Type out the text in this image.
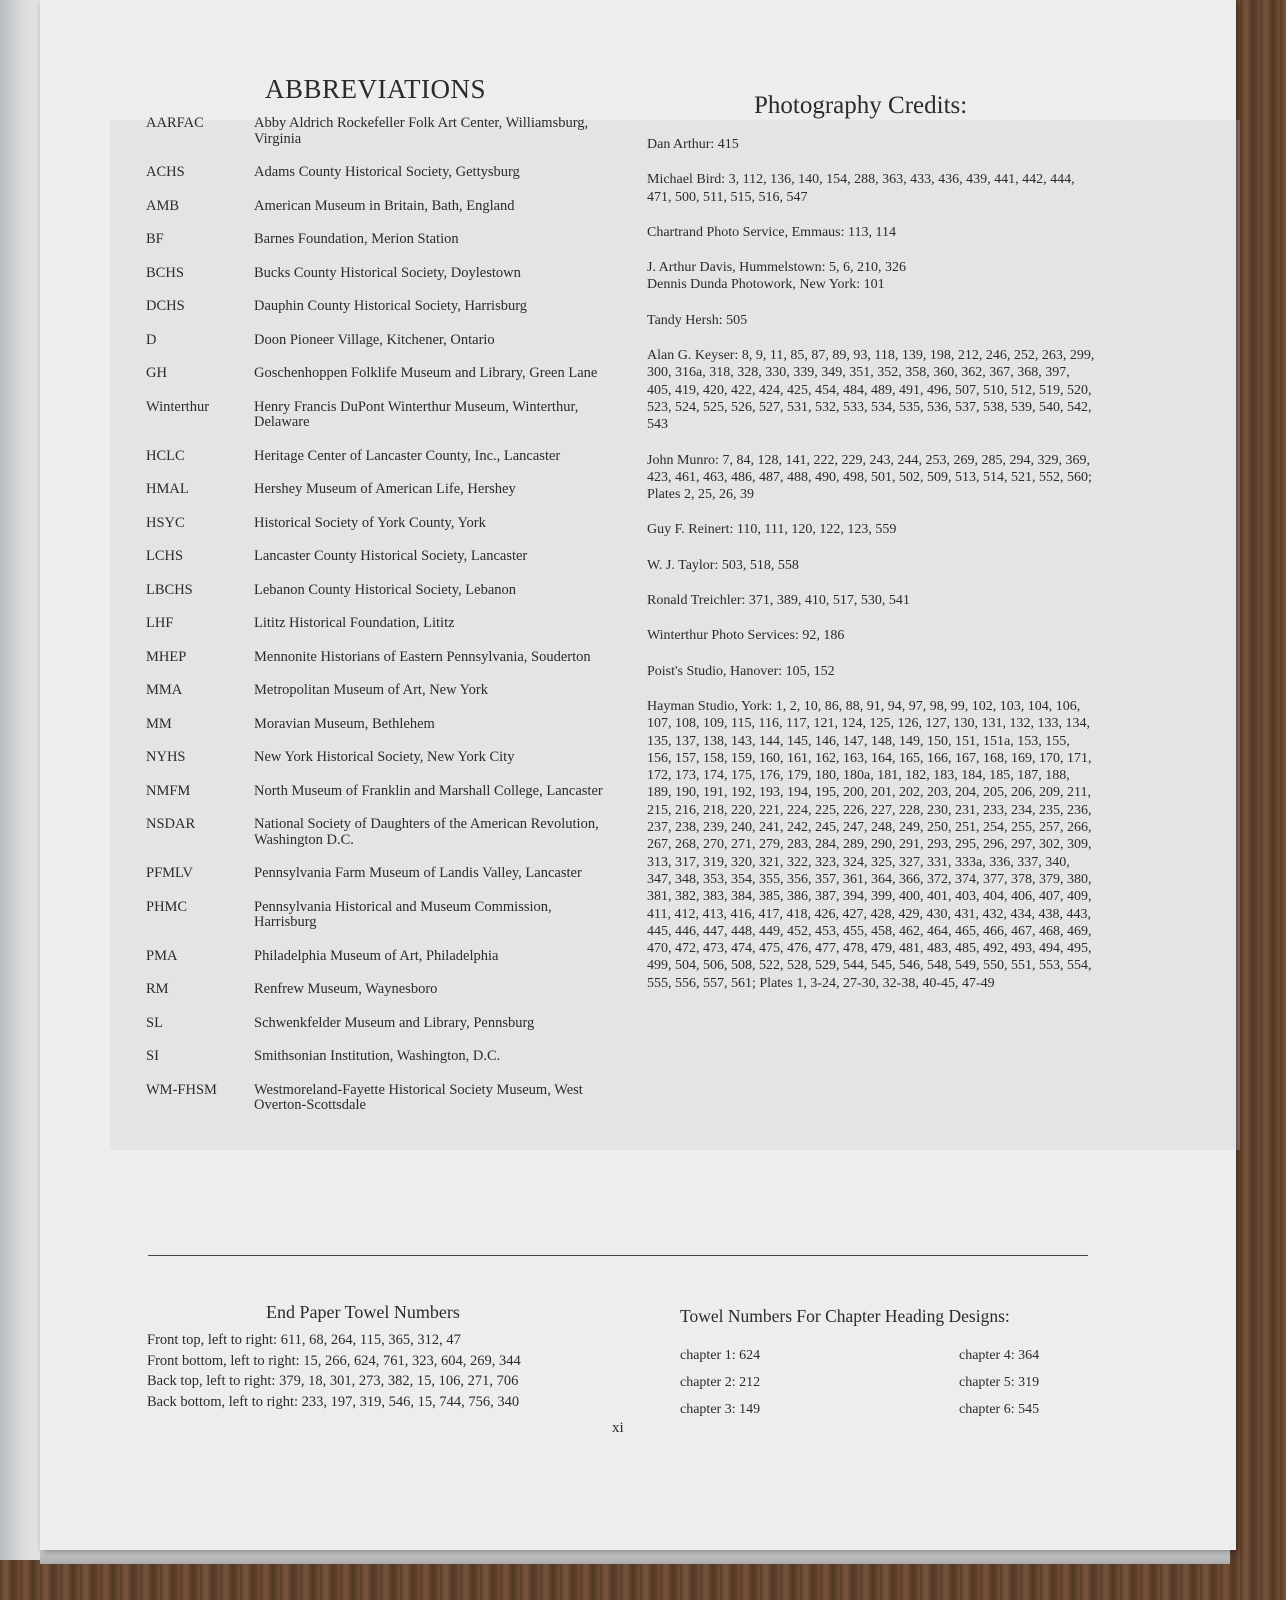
ABBREVIATIONS
AARFAC	Abby Aldrich Rockefeller Folk Art Center, Williamsburg, Virginia
ACHS	Adams County Historical Society, Gettysburg
AMB	American Museum in Britain, Bath, England
BF	Barnes Foundation, Merion Station
BCHS	Bucks County Historical Society, Doylestown
DCHS	Dauphin County Historical Society, Harrisburg
D	Doon Pioneer Village, Kitchener, Ontario
GH	Goschenhoppen Folklife Museum and Library, Green Lane
Winterthur	Henry Francis DuPont Winterthur Museum, Winterthur, Delaware
HCLC	Heritage Center of Lancaster County, Inc., Lancaster
HMAL	Hershey Museum of American Life, Hershey
HSYC	Historical Society of York County, York
LCHS	Lancaster County Historical Society, Lancaster
LBCHS	Lebanon County Historical Society, Lebanon
LHF	Lititz Historical Foundation, Lititz
MHEP	Mennonite Historians of Eastern Pennsylvania, Souderton
MMA	Metropolitan Museum of Art, New York
MM	Moravian Museum, Bethlehem
NYHS	New York Historical Society, New York City
NMFM	North Museum of Franklin and Marshall College, Lancaster
NSDAR	National Society of Daughters of the American Revolution, Washington D.C.
PFMLV	Pennsylvania Farm Museum of Landis Valley, Lancaster
PHMC	Pennsylvania Historical and Museum Commission, Harrisburg
PMA	Philadelphia Museum of Art, Philadelphia
RM	Renfrew Museum, Waynesboro
SL	Schwenkfelder Museum and Library, Pennsburg
SI	Smithsonian Institution, Washington, D.C.
WM-FHSM	Westmoreland-Fayette Historical Society Museum, West Overton-Scottsdale
Photography Credits:
Dan Arthur: 415
Michael Bird: 3, 112, 136, 140, 154, 288, 363, 433, 436, 439, 441, 442, 444, 471, 500, 511, 515, 516, 547
Chartrand Photo Service, Emmaus: 113, 114
J. Arthur Davis, Hummelstown: 5, 6, 210, 326
Dennis Dunda Photowork, New York: 101
Tandy Hersh: 505
Alan G. Keyser: 8, 9, 11, 85, 87, 89, 93, 118, 139, 198, 212, 246, 252, 263, 299, 300, 316a, 318, 328, 330, 339, 349, 351, 352, 358, 360, 362, 367, 368, 397, 405, 419, 420, 422, 424, 425, 454, 484, 489, 491, 496, 507, 510, 512, 519, 520, 523, 524, 525, 526, 527, 531, 532, 533, 534, 535, 536, 537, 538, 539, 540, 542, 543
John Munro: 7, 84, 128, 141, 222, 229, 243, 244, 253, 269, 285, 294, 329, 369, 423, 461, 463, 486, 487, 488, 490, 498, 501, 502, 509, 513, 514, 521, 552, 560; Plates 2, 25, 26, 39
Guy F. Reinert: 110, 111, 120, 122, 123, 559
W. J. Taylor: 503, 518, 558
Ronald Treichler: 371, 389, 410, 517, 530, 541
Winterthur Photo Services: 92, 186
Poist's Studio, Hanover: 105, 152
Hayman Studio, York: 1, 2, 10, 86, 88, 91, 94, 97, 98, 99, 102, 103, 104, 106, 107, 108, 109, 115, 116, 117, 121, 124, 125, 126, 127, 130, 131, 132, 133, 134, 135, 137, 138, 143, 144, 145, 146, 147, 148, 149, 150, 151, 151a, 153, 155, 156, 157, 158, 159, 160, 161, 162, 163, 164, 165, 166, 167, 168, 169, 170, 171, 172, 173, 174, 175, 176, 179, 180, 180a, 181, 182, 183, 184, 185, 187, 188, 189, 190, 191, 192, 193, 194, 195, 200, 201, 202, 203, 204, 205, 206, 209, 211, 215, 216, 218, 220, 221, 224, 225, 226, 227, 228, 230, 231, 233, 234, 235, 236, 237, 238, 239, 240, 241, 242, 245, 247, 248, 249, 250, 251, 254, 255, 257, 266, 267, 268, 270, 271, 279, 283, 284, 289, 290, 291, 293, 295, 296, 297, 302, 309, 313, 317, 319, 320, 321, 322, 323, 324, 325, 327, 331, 333a, 336, 337, 340, 347, 348, 353, 354, 355, 356, 357, 361, 364, 366, 372, 374, 377, 378, 379, 380, 381, 382, 383, 384, 385, 386, 387, 394, 399, 400, 401, 403, 404, 406, 407, 409, 411, 412, 413, 416, 417, 418, 426, 427, 428, 429, 430, 431, 432, 434, 438, 443, 445, 446, 447, 448, 449, 452, 453, 455, 458, 462, 464, 465, 466, 467, 468, 469, 470, 472, 473, 474, 475, 476, 477, 478, 479, 481, 483, 485, 492, 493, 494, 495, 499, 504, 506, 508, 522, 528, 529, 544, 545, 546, 548, 549, 550, 551, 553, 554, 555, 556, 557, 561; Plates 1, 3-24, 27-30, 32-38, 40-45, 47-49
End Paper Towel Numbers
Front top, left to right: 611, 68, 264, 115, 365, 312, 47
Front bottom, left to right: 15, 266, 624, 761, 323, 604, 269, 344
Back top, left to right: 379, 18, 301, 273, 382, 15, 106, 271, 706
Back bottom, left to right: 233, 197, 319, 546, 15, 744, 756, 340
Towel Numbers For Chapter Heading Designs:
chapter 1: 624
chapter 2: 212
chapter 3: 149
chapter 4: 364
chapter 5: 319
chapter 6: 545
xi
